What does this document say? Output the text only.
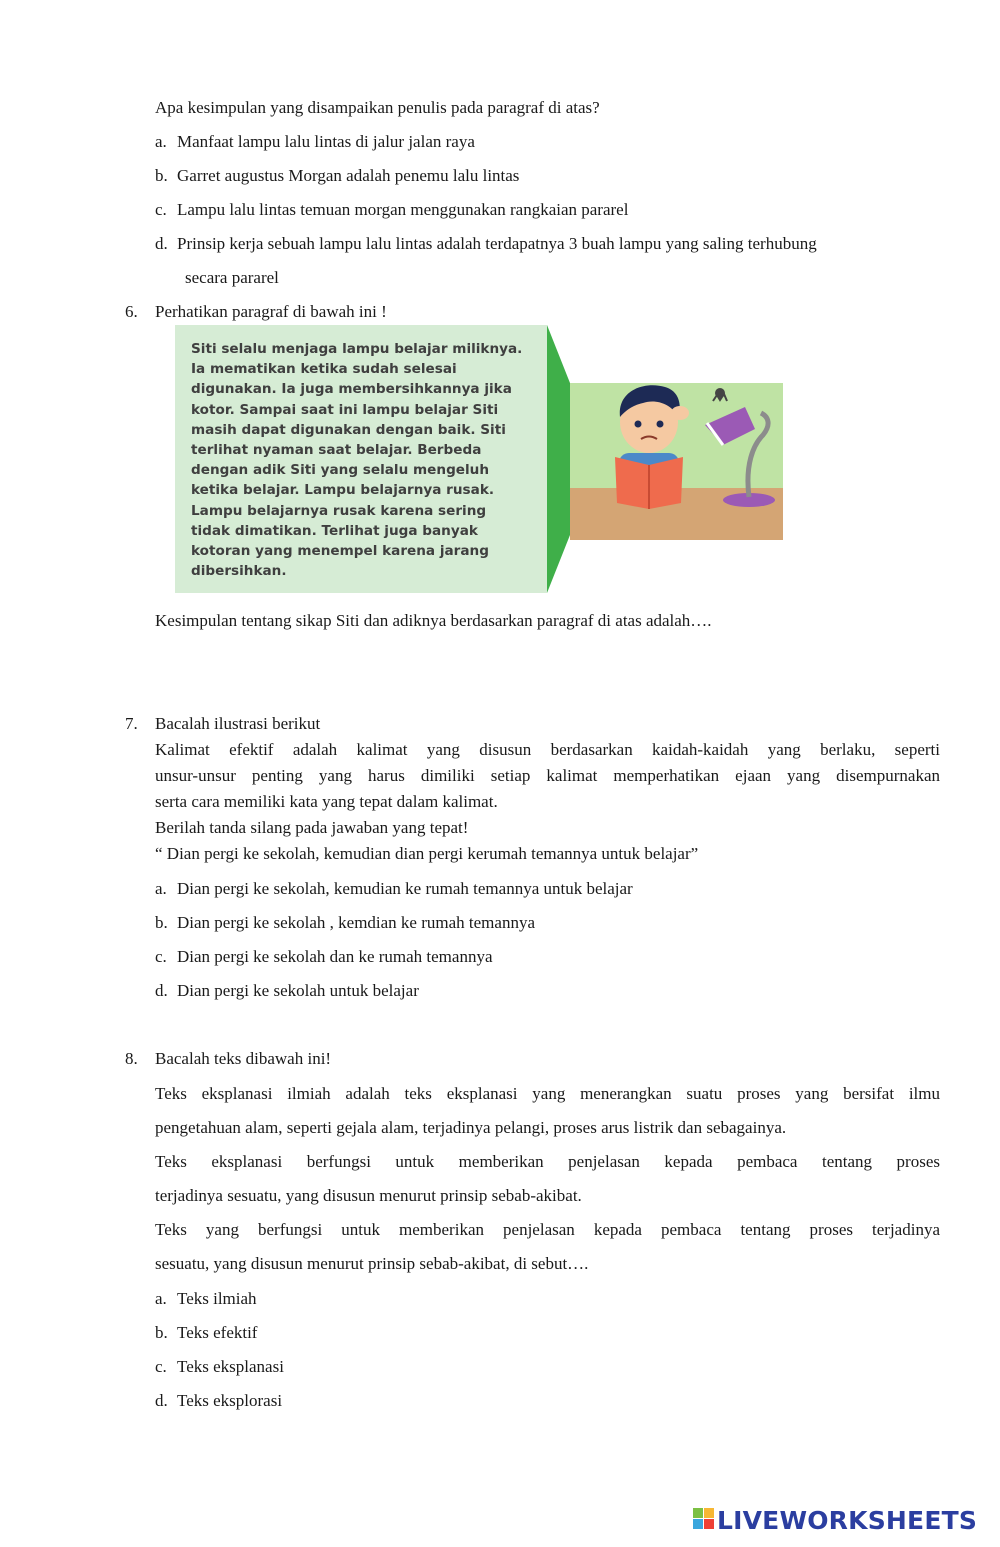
Apa kesimpulan yang disampaikan penulis pada paragraf di atas?
a. Manfaat lampu lalu lintas di jalur jalan raya
b. Garret augustus Morgan adalah penemu lalu lintas
c. Lampu lalu lintas temuan morgan menggunakan rangkaian pararel
d. Prinsip kerja sebuah lampu lalu lintas adalah terdapatnya 3 buah lampu yang saling terhubung
secara pararel
6. Perhatikan paragraf di bawah ini !
Siti selalu menjaga lampu belajar miliknya.
Ia mematikan ketika sudah selesai
digunakan. Ia juga membersihkannya jika
kotor. Sampai saat ini lampu belajar Siti
masih dapat digunakan dengan baik. Siti
terlihat nyaman saat belajar. Berbeda
dengan adik Siti yang selalu mengeluh
ketika belajar. Lampu belajarnya rusak.
Lampu belajarnya rusak karena sering
tidak dimatikan. Terlihat juga banyak
kotoran yang menempel karena jarang
dibersihkan.
Kesimpulan tentang sikap Siti dan adiknya berdasarkan paragraf di atas adalah….
7. Bacalah ilustrasi berikut
Kalimat efektif adalah kalimat yang disusun berdasarkan kaidah-kaidah yang berlaku, seperti
unsur-unsur penting yang harus dimiliki setiap kalimat memperhatikan ejaan yang disempurnakan
serta cara memiliki kata yang tepat dalam kalimat.
Berilah tanda silang pada jawaban yang tepat!
“ Dian pergi ke sekolah, kemudian dian pergi kerumah temannya untuk belajar”
a. Dian pergi ke sekolah, kemudian ke rumah temannya untuk belajar
b. Dian pergi ke sekolah , kemdian ke rumah temannya
c. Dian pergi ke sekolah dan ke rumah temannya
d. Dian pergi ke sekolah untuk belajar
8. Bacalah teks dibawah ini!
Teks eksplanasi ilmiah adalah teks eksplanasi yang menerangkan suatu proses yang bersifat ilmu
pengetahuan alam, seperti gejala alam, terjadinya pelangi, proses arus listrik dan sebagainya.
Teks eksplanasi berfungsi untuk memberikan penjelasan kepada pembaca tentang proses
terjadinya sesuatu, yang disusun menurut prinsip sebab-akibat.
Teks yang berfungsi untuk memberikan penjelasan kepada pembaca tentang proses terjadinya
sesuatu, yang disusun menurut prinsip sebab-akibat, di sebut….
a. Teks ilmiah
b. Teks efektif
c. Teks eksplanasi
d. Teks eksplorasi
LIVEWORKSHEETS
